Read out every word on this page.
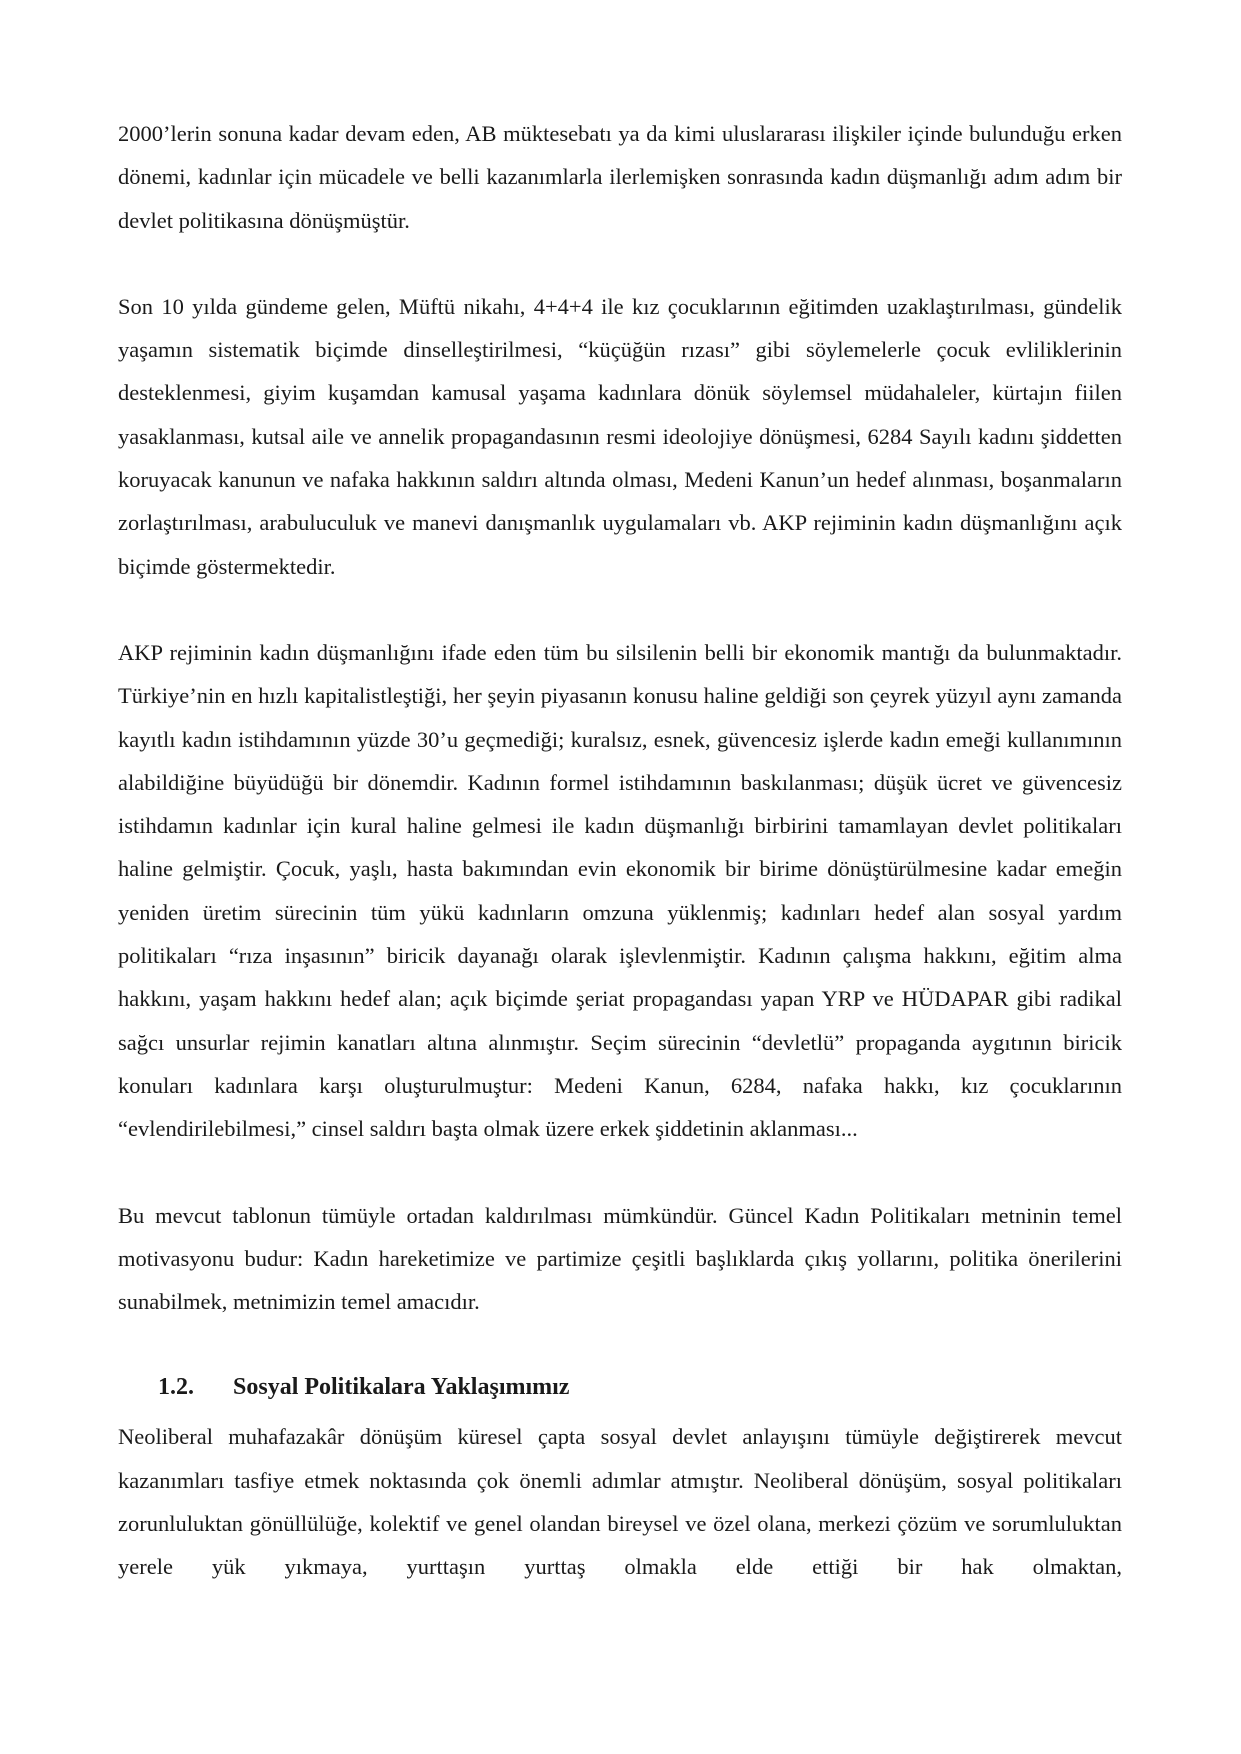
2000’lerin sonuna kadar devam eden, AB müktesebatı ya da kimi uluslararası ilişkiler içinde bulunduğu erken dönemi, kadınlar için mücadele ve belli kazanımlarla ilerlemişken sonrasında kadın düşmanlığı adım adım bir devlet politikasına dönüşmüştür.

Son 10 yılda gündeme gelen, Müftü nikahı, 4+4+4 ile kız çocuklarının eğitimden uzaklaştırılması, gündelik yaşamın sistematik biçimde dinselleştirilmesi, “küçüğün rızası” gibi söylemelerle çocuk evliliklerinin desteklenmesi, giyim kuşamdan kamusal yaşama kadınlara dönük söylemsel müdahaleler, kürtajın fiilen yasaklanması, kutsal aile ve annelik propagandasının resmi ideolojiye dönüşmesi, 6284 Sayılı kadını şiddetten koruyacak kanunun ve nafaka hakkının saldırı altında olması, Medeni Kanun’un hedef alınması, boşanmaların zorlaştırılması, arabuluculuk ve manevi danışmanlık uygulamaları vb. AKP rejiminin kadın düşmanlığını açık biçimde göstermektedir.

AKP rejiminin kadın düşmanlığını ifade eden tüm bu silsilenin belli bir ekonomik mantığı da bulunmaktadır. Türkiye’nin en hızlı kapitalistleştiği, her şeyin piyasanın konusu haline geldiği son çeyrek yüzyıl aynı zamanda kayıtlı kadın istihdamının yüzde 30’u geçmediği; kuralsız, esnek, güvencesiz işlerde kadın emeği kullanımının alabildiğine büyüdüğü bir dönemdir. Kadının formel istihdamının baskılanması; düşük ücret ve güvencesiz istihdamın kadınlar için kural haline gelmesi ile kadın düşmanlığı birbirini tamamlayan devlet politikaları haline gelmiştir. Çocuk, yaşlı, hasta bakımından evin ekonomik bir birime dönüştürülmesine kadar emeğin yeniden üretim sürecinin tüm yükü kadınların omzuna yüklenmiş; kadınları hedef alan sosyal yardım politikaları “rıza inşasının” biricik dayanağı olarak işlevlenmiştir. Kadının çalışma hakkını, eğitim alma hakkını, yaşam hakkını hedef alan; açık biçimde şeriat propagandası yapan YRP ve HÜDAPAR gibi radikal sağcı unsurlar rejimin kanatları altına alınmıştır. Seçim sürecinin “devletlü” propaganda aygıtının biricik konuları kadınlara karşı oluşturulmuştur: Medeni Kanun, 6284, nafaka hakkı, kız çocuklarının “evlendirilebilmesi,” cinsel saldırı başta olmak üzere erkek şiddetinin aklanması...

Bu mevcut tablonun tümüyle ortadan kaldırılması mümkündür. Güncel Kadın Politikaları metninin temel motivasyonu budur: Kadın hareketimize ve partimize çeşitli başlıklarda çıkış yollarını, politika önerilerini sunabilmek, metnimizin temel amacıdır.

1.2.	Sosyal Politikalara Yaklaşımımız

Neoliberal muhafazakâr dönüşüm küresel çapta sosyal devlet anlayışını tümüyle değiştirerek mevcut kazanımları tasfiye etmek noktasında çok önemli adımlar atmıştır. Neoliberal dönüşüm, sosyal politikaları zorunluluktan gönüllülüğe, kolektif ve genel olandan bireysel ve özel olana, merkezi çözüm ve sorumluluktan yerele yük yıkmaya, yurttaşın yurttaş olmakla elde ettiği bir hak olmaktan,
